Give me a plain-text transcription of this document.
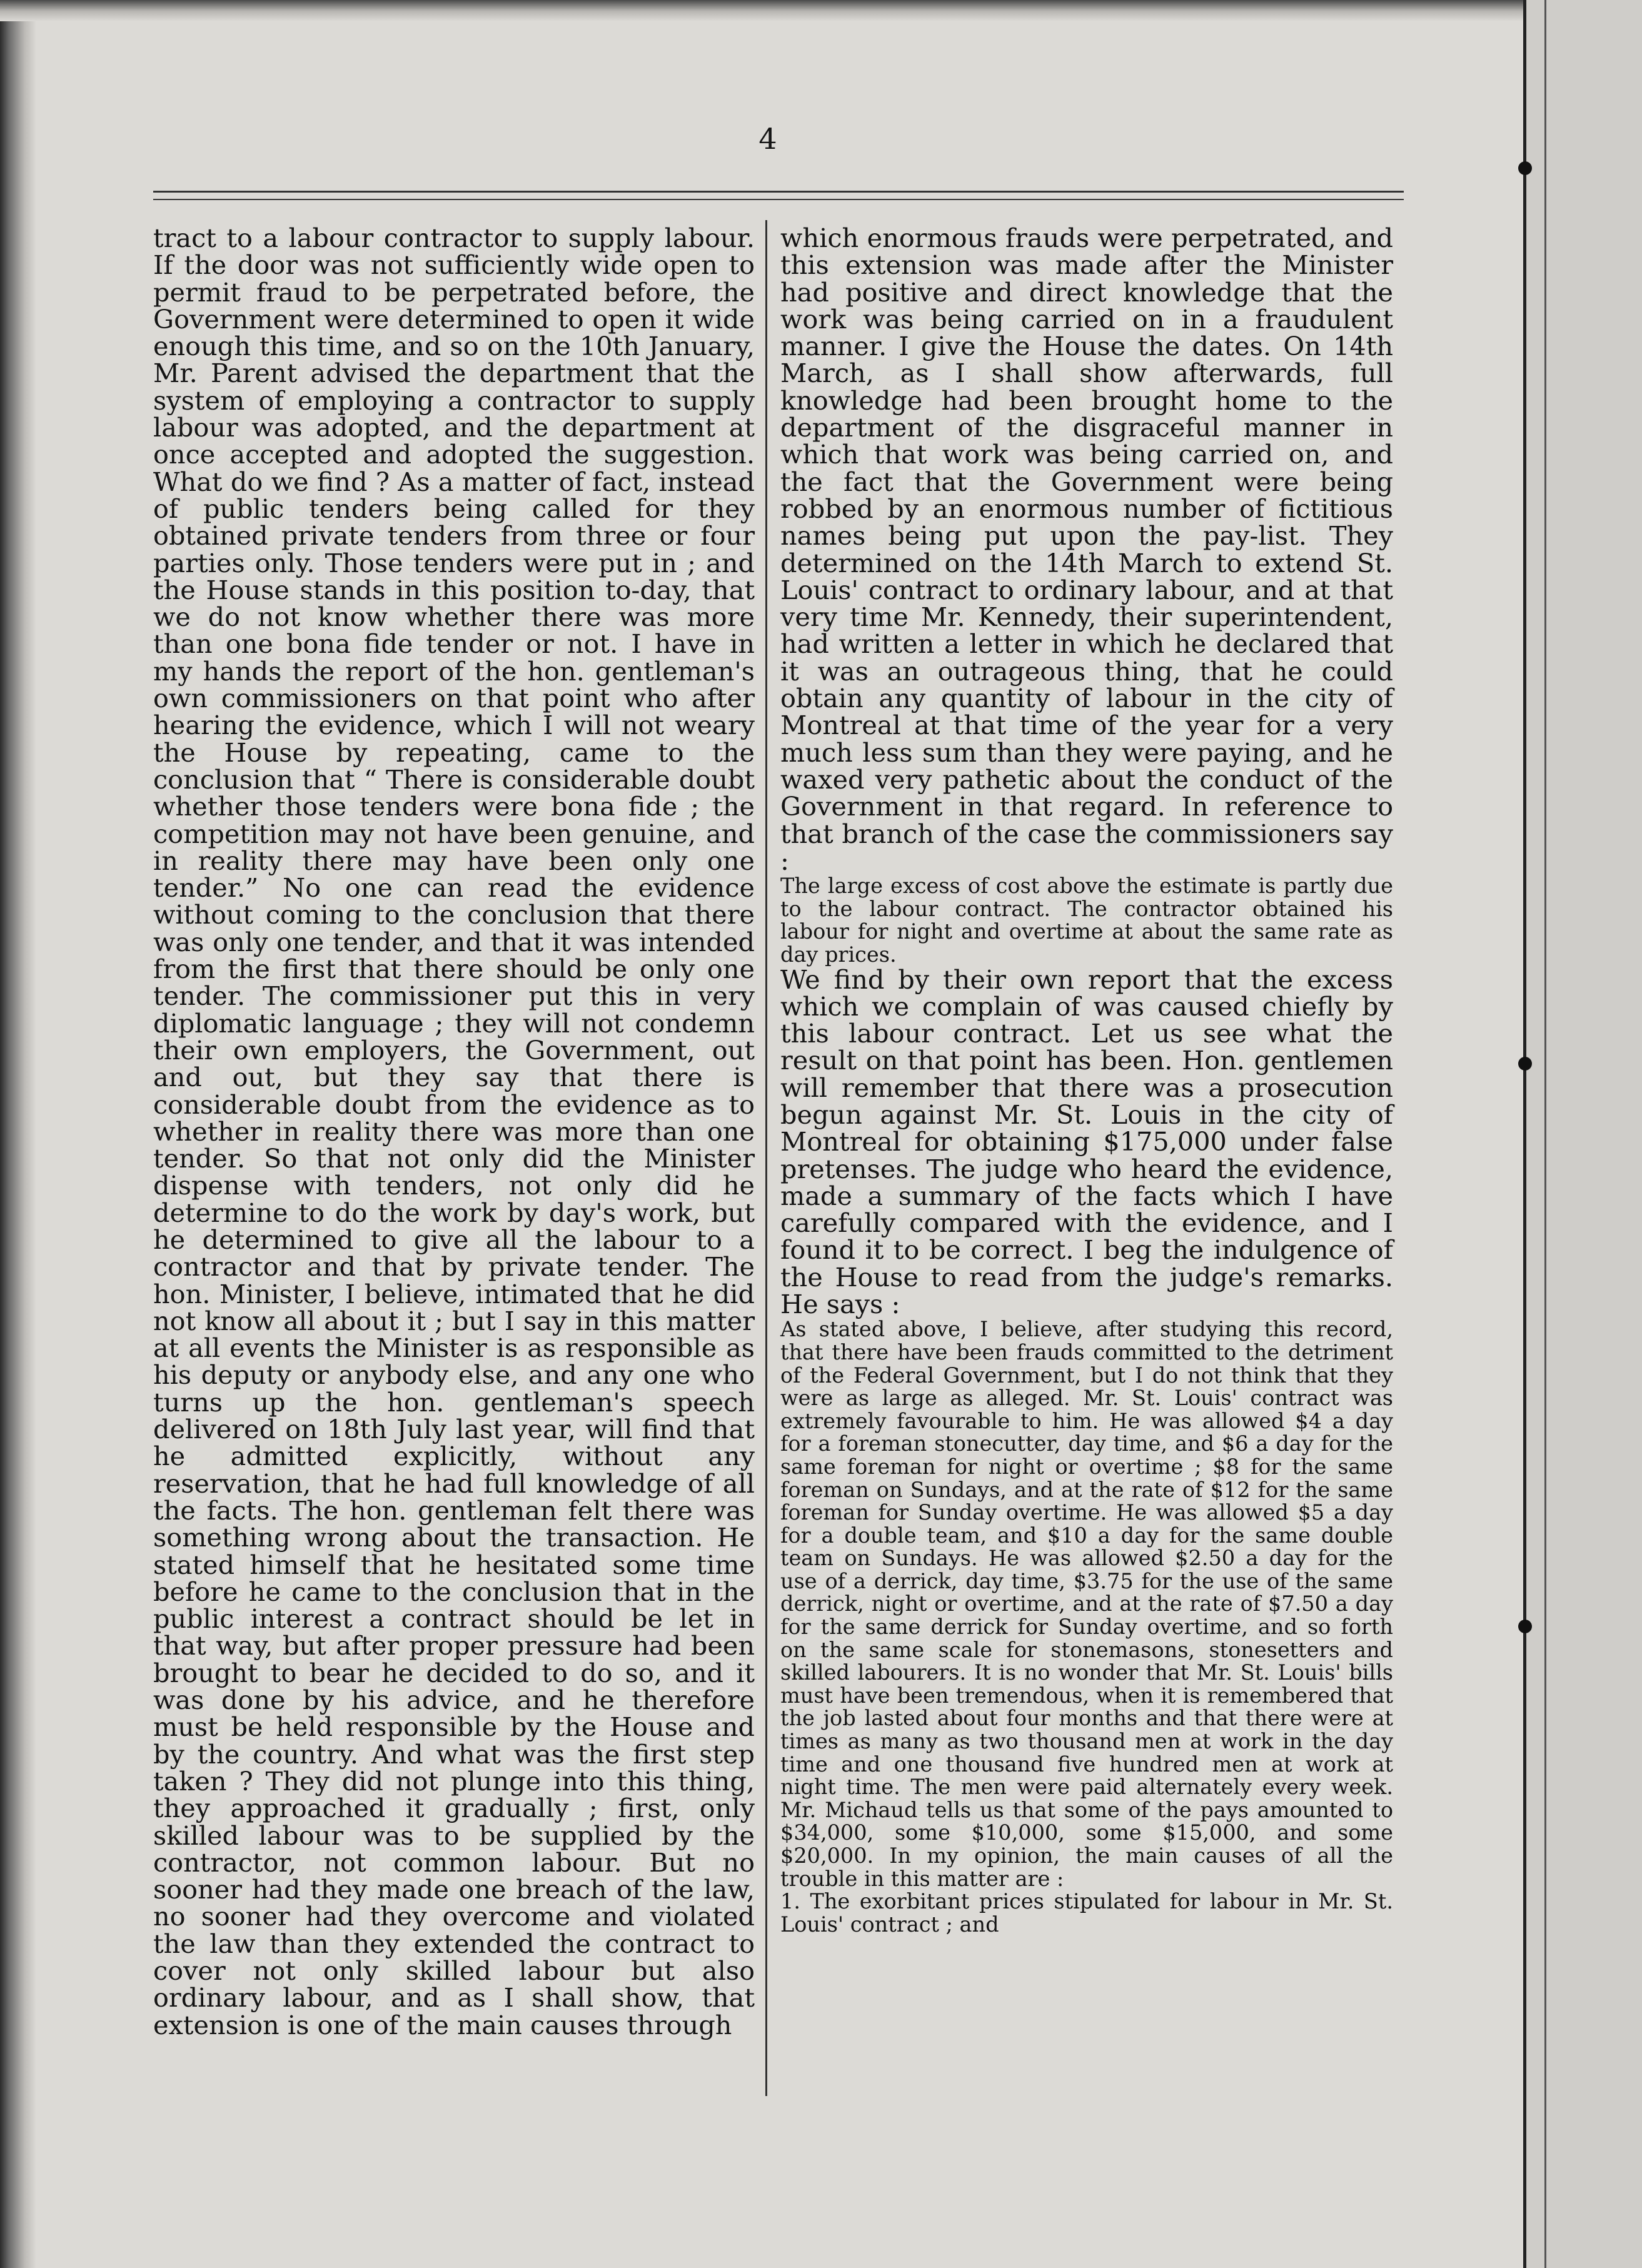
4

tract to a labour contractor to supply labour. If the door was not sufficiently wide open to permit fraud to be perpetrated before, the Government were determined to open it wide enough this time, and so on the 10th January, Mr. Parent advised the department that the system of employing a contractor to supply labour was adopted, and the department at once accepted and adopted the suggestion. What do we find ? As a matter of fact, instead of public tenders being called for they obtained private tenders from three or four parties only. Those tenders were put in ; and the House stands in this position to-day, that we do not know whether there was more than one bona fide tender or not. I have in my hands the report of the hon. gentleman's own commissioners on that point who after hearing the evidence, which I will not weary the House by repeating, came to the conclusion that “ There is considerable doubt whether those tenders were bona fide ; the competition may not have been genuine, and in reality there may have been only one tender.” No one can read the evidence without coming to the conclusion that there was only one tender, and that it was intended from the first that there should be only one tender. The commissioner put this in very diplomatic language ; they will not condemn their own employers, the Government, out and out, but they say that there is considerable doubt from the evidence as to whether in reality there was more than one tender. So that not only did the Minister dispense with tenders, not only did he determine to do the work by day's work, but he determined to give all the labour to a contractor and that by private tender. The hon. Minister, I believe, intimated that he did not know all about it ; but I say in this matter at all events the Minister is as responsible as his deputy or anybody else, and any one who turns up the hon. gentleman's speech delivered on 18th July last year, will find that he admitted explicitly, without any reservation, that he had full knowledge of all the facts. The hon. gentleman felt there was something wrong about the transaction. He stated himself that he hesitated some time before he came to the conclusion that in the public interest a contract should be let in that way, but after proper pressure had been brought to bear he decided to do so, and it was done by his advice, and he therefore must be held responsible by the House and by the country. And what was the first step taken ? They did not plunge into this thing, they approached it gradually ; first, only skilled labour was to be supplied by the contractor, not common labour. But no sooner had they made one breach of the law, no sooner had they overcome and violated the law than they extended the contract to cover not only skilled labour but also ordinary labour, and as I shall show, that extension is one of the main causes through

which enormous frauds were perpetrated, and this extension was made after the Minister had positive and direct knowledge that the work was being carried on in a fraudulent manner. I give the House the dates. On 14th March, as I shall show afterwards, full knowledge had been brought home to the department of the disgraceful manner in which that work was being carried on, and the fact that the Government were being robbed by an enormous number of fictitious names being put upon the pay-list. They determined on the 14th March to extend St. Louis' contract to ordinary labour, and at that very time Mr. Kennedy, their superintendent, had written a letter in which he declared that it was an outrageous thing, that he could obtain any quantity of labour in the city of Montreal at that time of the year for a very much less sum than they were paying, and he waxed very pathetic about the conduct of the Government in that regard. In reference to that branch of the case the commissioners say :

The large excess of cost above the estimate is partly due to the labour contract. The contractor obtained his labour for night and overtime at about the same rate as day prices.

We find by their own report that the excess which we complain of was caused chiefly by this labour contract. Let us see what the result on that point has been. Hon. gentlemen will remember that there was a prosecution begun against Mr. St. Louis in the city of Montreal for obtaining $175,000 under false pretenses. The judge who heard the evidence, made a summary of the facts which I have carefully compared with the evidence, and I found it to be correct. I beg the indulgence of the House to read from the judge's remarks. He says :

As stated above, I believe, after studying this record, that there have been frauds committed to the detriment of the Federal Government, but I do not think that they were as large as alleged. Mr. St. Louis' contract was extremely favourable to him. He was allowed $4 a day for a foreman stonecutter, day time, and $6 a day for the same foreman for night or overtime ; $8 for the same foreman on Sundays, and at the rate of $12 for the same foreman for Sunday overtime. He was allowed $5 a day for a double team, and $10 a day for the same double team on Sundays. He was allowed $2.50 a day for the use of a derrick, day time, $3.75 for the use of the same derrick, night or overtime, and at the rate of $7.50 a day for the same derrick for Sunday overtime, and so forth on the same scale for stonemasons, stonesetters and skilled labourers. It is no wonder that Mr. St. Louis' bills must have been tremendous, when it is remembered that the job lasted about four months and that there were at times as many as two thousand men at work in the day time and one thousand five hundred men at work at night time. The men were paid alternately every week. Mr. Michaud tells us that some of the pays amounted to $34,000, some $10,000, some $15,000, and some $20,000. In my opinion, the main causes of all the trouble in this matter are :

1. The exorbitant prices stipulated for labour in Mr. St. Louis' contract ; and
